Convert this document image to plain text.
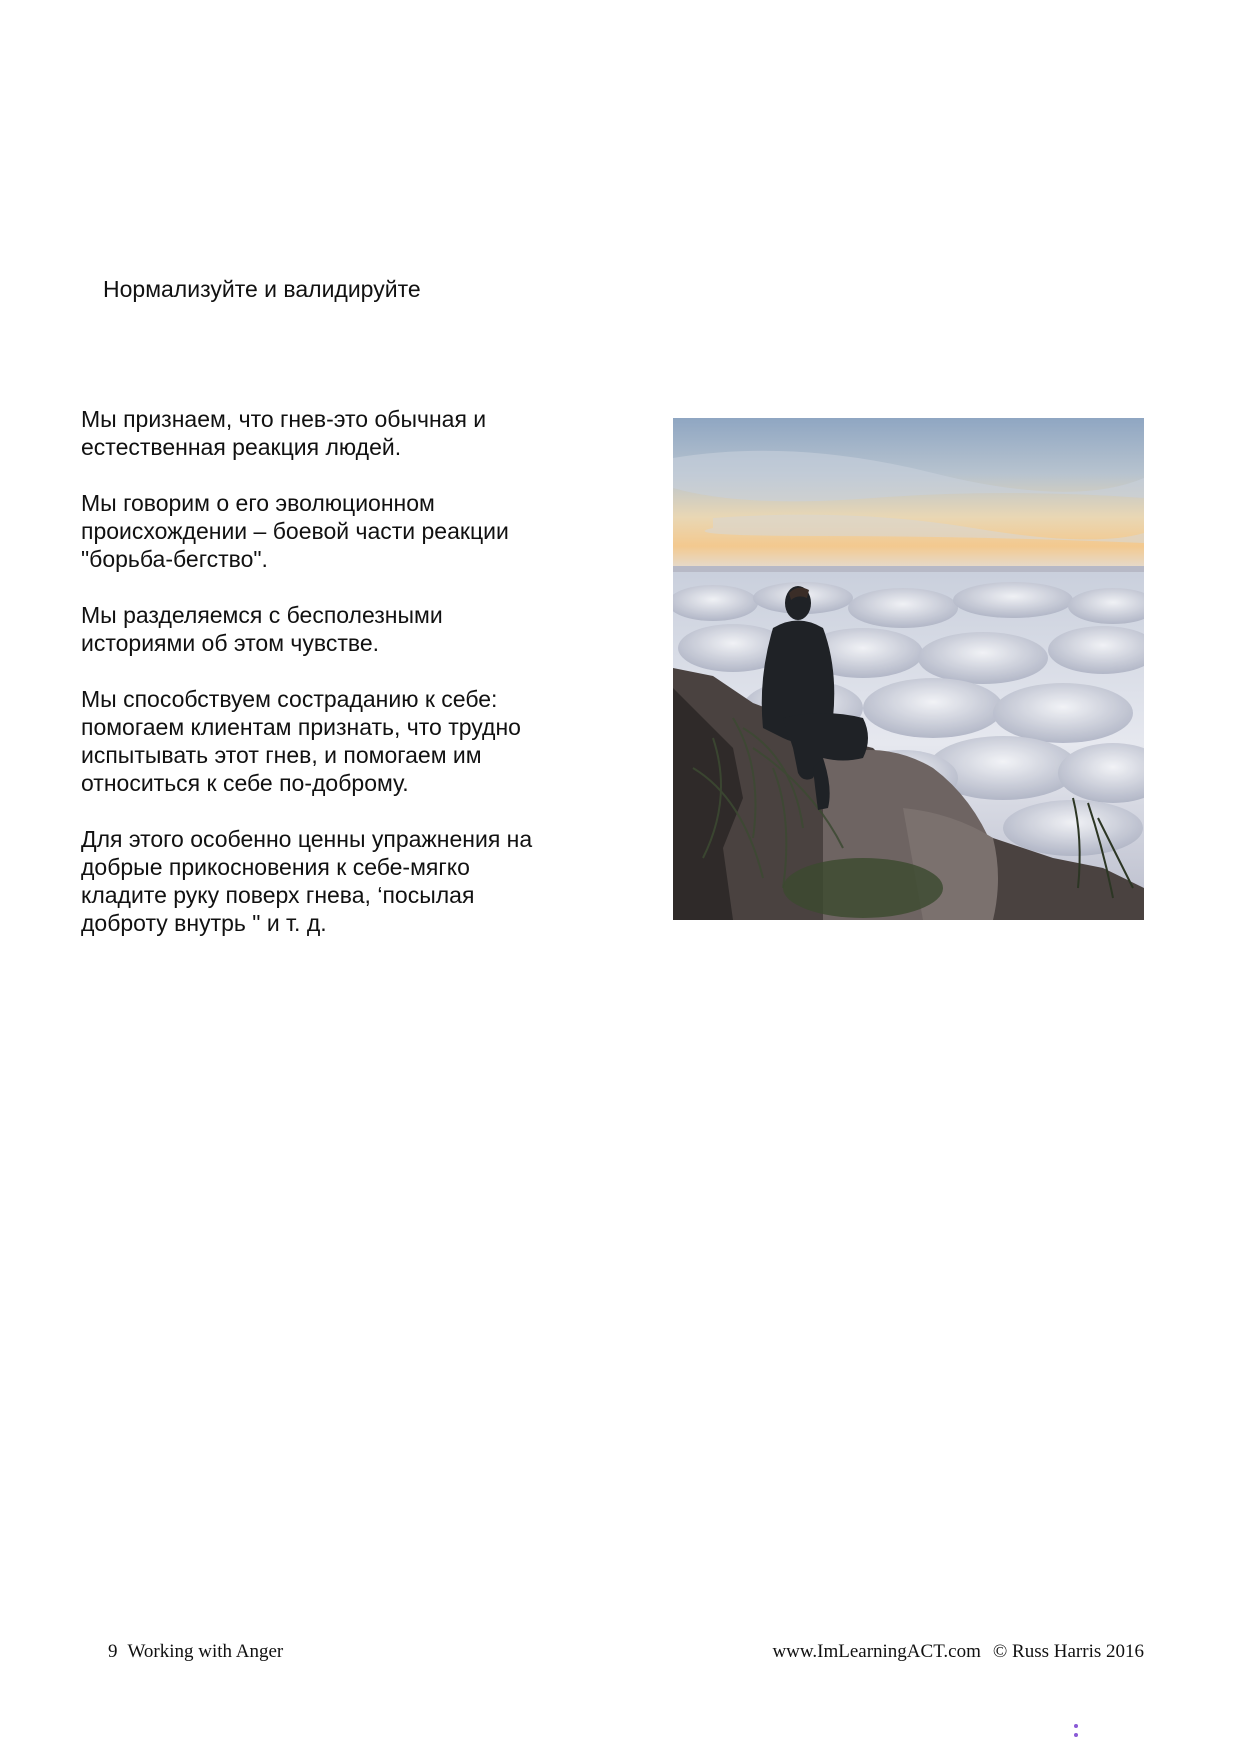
Нормализуйте и валидируйте

Мы признаем, что гнев-это обычная и
естественная реакция людей.

Мы говорим о его эволюционном
происхождении – боевой части реакции
"борьба-бегство".

Мы разделяемся с бесполезными
историями об этом чувстве.

Мы способствуем состраданию к себе:
помогаем клиентам признать, что трудно
испытывать этот гнев, и помогаем им
относиться к себе по-доброму.

Для этого особенно ценны упражнения на
добрые прикосновения к себе-мягко
кладите руку поверх гнева, ‘посылая
доброту внутрь " и т. д.

9 Working with Anger	www.ImLearningACT.com © Russ Harris 2016
